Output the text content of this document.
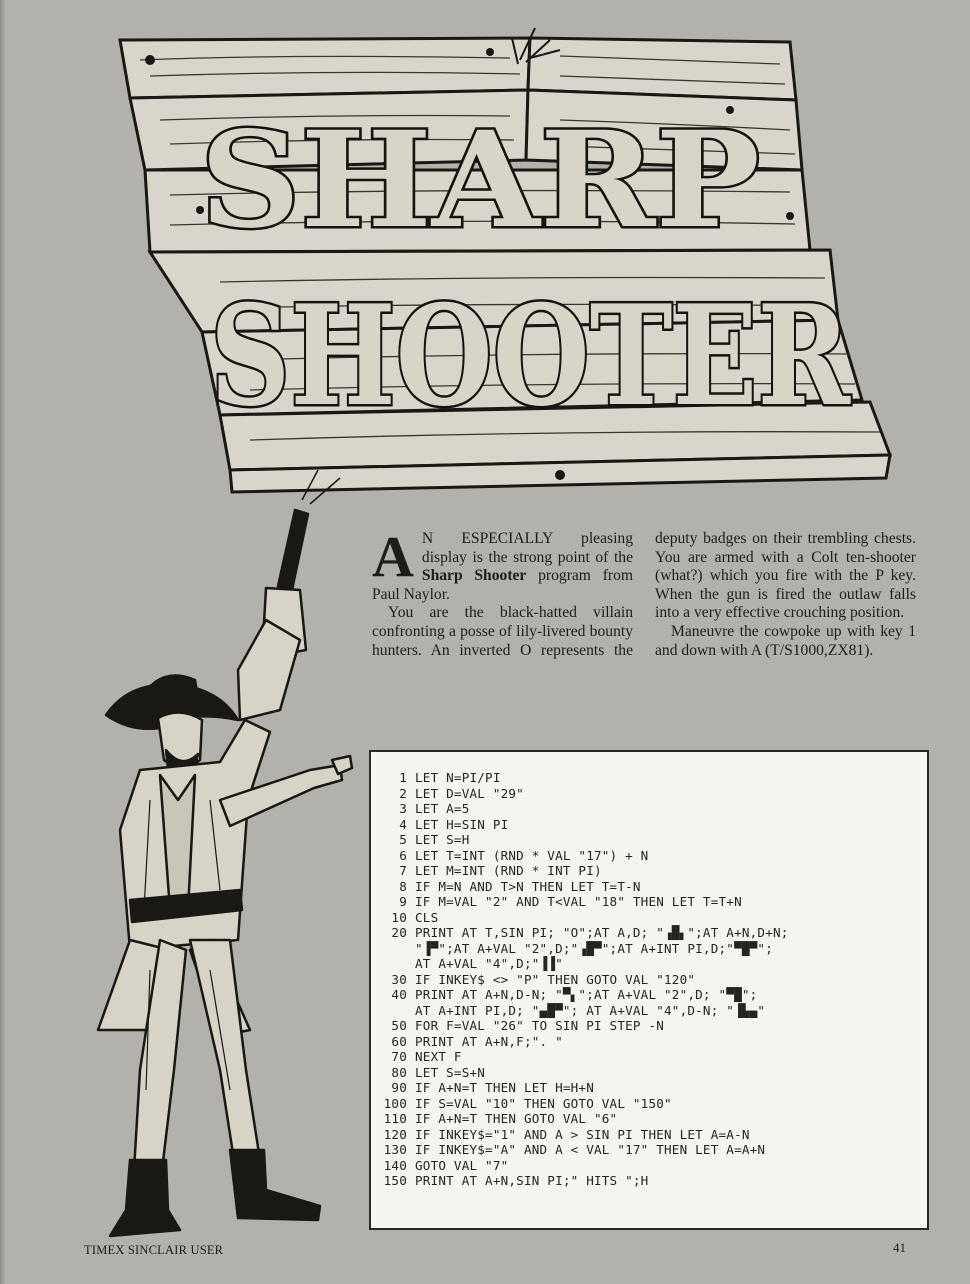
SHARP
SHOOTER

A N ESPECIALLY pleasing display is the strong point of the Sharp Shooter program from Paul Naylor.

You are the black-hatted villain confronting a posse of lily-livered bounty hunters. An inverted O represents the deputy badges on their trembling chests. You are armed with a Colt ten-shooter (what?) which you fire with the P key. When the gun is fired the outlaw falls into a very effective crouching position.

Maneuvre the cowpoke up with key 1 and down with A (T/S1000,ZX81).

1 LET N=PI/PI
2 LET D=VAL "29"
3 LET A=5
4 LET H=SIN PI
5 LET S=H
6 LET T=INT (RND * VAL "17") + N
7 LET M=INT (RND * INT PI)
8 IF M=N AND T>N THEN LET T=T-N
9 IF M=VAL "2" AND T<VAL "18" THEN LET T=T+N
10 CLS
20 PRINT AT T,SIN PI; "O";AT A,D; "▗█▖";AT A+N,D+N;
"▐▀";AT A+VAL "2",D;"▗█▀";AT A+INT PI,D;"▀█▀";
AT A+VAL "4",D;"▐▐"
30 IF INKEY$ <> "P" THEN GOTO VAL "120"
40 PRINT AT A+N,D-N; "▀▖";AT A+VAL "2",D; "▀█";
AT A+INT PI,D; "▄█▀"; AT A+VAL "4",D-N; "▐▙▄"
50 FOR F=VAL "26" TO SIN PI STEP -N
60 PRINT AT A+N,F;". "
70 NEXT F
80 LET S=S+N
90 IF A+N=T THEN LET H=H+N
100 IF S=VAL "10" THEN GOTO VAL "150"
110 IF A+N=T THEN GOTO VAL "6"
120 IF INKEY$="1" AND A > SIN PI THEN LET A=A-N
130 IF INKEY$="A" AND A < VAL "17" THEN LET A=A+N
140 GOTO VAL "7"
150 PRINT AT A+N,SIN PI;" HITS ";H
TIMEX SINCLAIR USER	41
